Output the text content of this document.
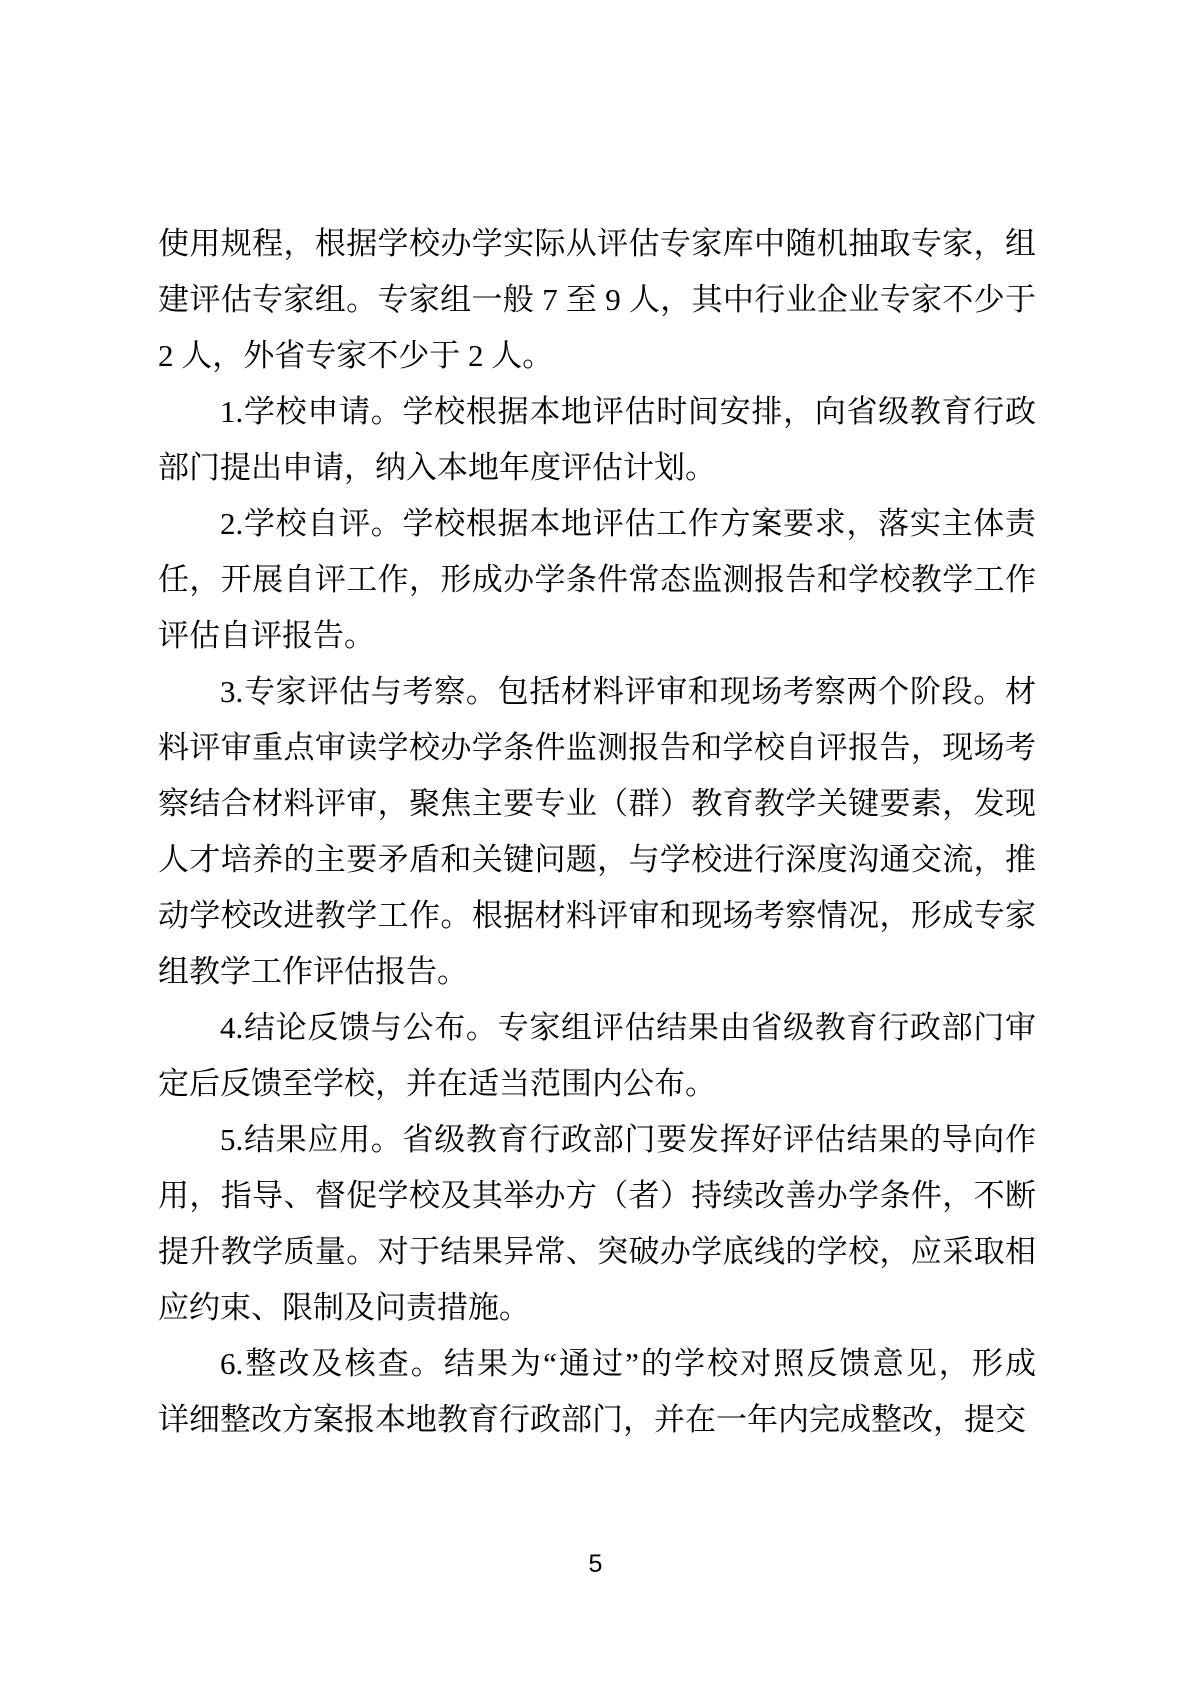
使用规程，根据学校办学实际从评估专家库中随机抽取专家，组
建评估专家组。专家组一般 7 至 9 人，其中行业企业专家不少于
2 人，外省专家不少于 2 人。
1.学校申请。学校根据本地评估时间安排，向省级教育行政
部门提出申请，纳入本地年度评估计划。
2.学校自评。学校根据本地评估工作方案要求，落实主体责
任，开展自评工作，形成办学条件常态监测报告和学校教学工作
评估自评报告。
3.专家评估与考察。包括材料评审和现场考察两个阶段。材
料评审重点审读学校办学条件监测报告和学校自评报告，现场考
察结合材料评审，聚焦主要专业（群）教育教学关键要素，发现
人才培养的主要矛盾和关键问题，与学校进行深度沟通交流，推
动学校改进教学工作。根据材料评审和现场考察情况，形成专家
组教学工作评估报告。
4.结论反馈与公布。专家组评估结果由省级教育行政部门审
定后反馈至学校，并在适当范围内公布。
5.结果应用。省级教育行政部门要发挥好评估结果的导向作
用，指导、督促学校及其举办方（者）持续改善办学条件，不断
提升教学质量。对于结果异常、突破办学底线的学校，应采取相
应约束、限制及问责措施。
6.整改及核查。结果为“通过”的学校对照反馈意见，形成
详细整改方案报本地教育行政部门，并在一年内完成整改，提交
5
